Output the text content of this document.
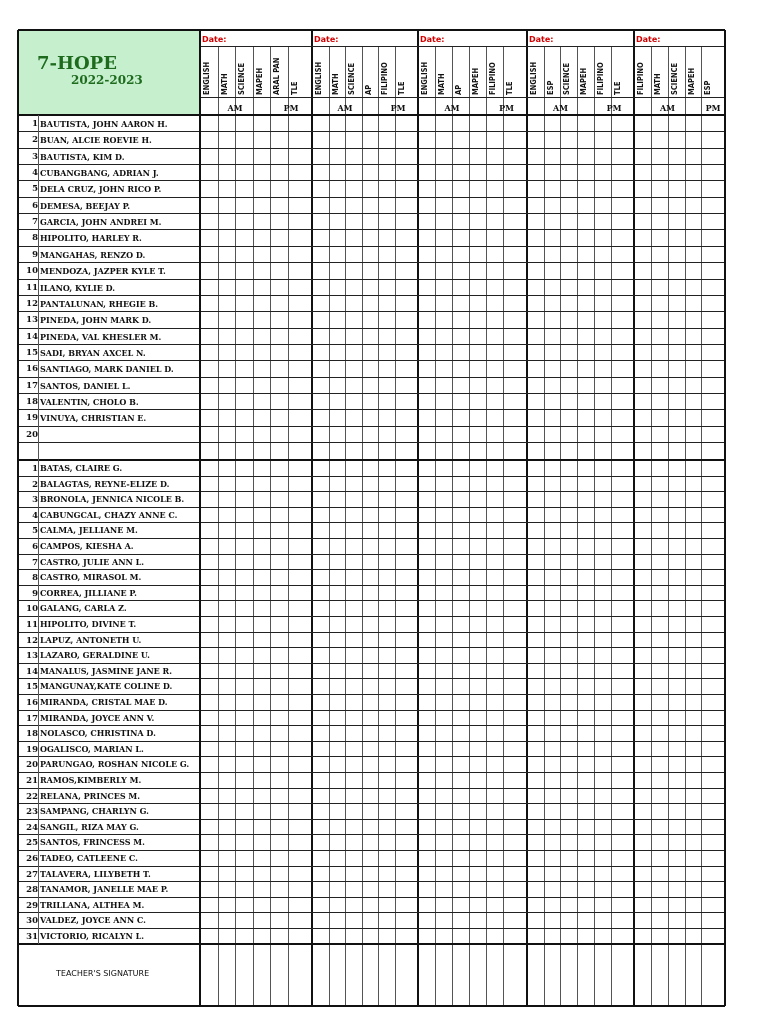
7-HOPE
2022-2023
Date:
ENGLISH MATH SCIENCE MAPEH ARAL PAN TLE
AM	PM
Date:
ENGLISH MATH SCIENCE AP FILIPINO TLE
AM	PM
Date:
ENGLISH MATH AP MAPEH FILIPINO TLE
AM	PM
Date:
ENGLISH ESP SCIENCE MAPEH FILIPINO TLE
AM	PM
Date:
FILIPINO MATH SCIENCE MAPEH ESP
AM	PM
1 BAUTISTA, JOHN AARON H.
2 BUAN, ALCIE ROEVIE H.
3 BAUTISTA, KIM D.
4 CUBANGBANG, ADRIAN J.
5 DELA CRUZ, JOHN RICO P.
6 DEMESA, BEEJAY P.
7 GARCIA, JOHN ANDREI M.
8 HIPOLITO, HARLEY R.
9 MANGAHAS, RENZO D.
10 MENDOZA, JAZPER KYLE T.
11 ILANO, KYLIE D.
12 PANTALUNAN, RHEGIE B.
13 PINEDA, JOHN MARK D.
14 PINEDA, VAL KHESLER M.
15 SADI, BRYAN AXCEL N.
16 SANTIAGO, MARK DANIEL D.
17 SANTOS, DANIEL L.
18 VALENTIN, CHOLO B.
19 VINUYA, CHRISTIAN E.
20
1 BATAS, CLAIRE G.
2 BALAGTAS, REYNE-ELIZE D.
3 BRONOLA, JENNICA NICOLE B.
4 CABUNGCAL, CHAZY ANNE C.
5 CALMA, JELLIANE M.
6 CAMPOS, KIESHA A.
7 CASTRO, JULIE ANN L.
8 CASTRO, MIRASOL M.
9 CORREA, JILLIANE P.
10 GALANG, CARLA Z.
11 HIPOLITO, DIVINE T.
12 LAPUZ, ANTONETH U.
13 LAZARO, GERALDINE U.
14 MANALUS, JASMINE JANE R.
15 MANGUNAY,KATE COLINE D.
16 MIRANDA, CRISTAL MAE D.
17 MIRANDA, JOYCE ANN V.
18 NOLASCO, CHRISTINA D.
19 OGALISCO, MARIAN L.
20 PARUNGAO, ROSHAN NICOLE G.
21 RAMOS,KIMBERLY M.
22 RELANA, PRINCES M.
23 SAMPANG, CHARLYN G.
24 SANGIL, RIZA MAY G.
25 SANTOS, FRINCESS M.
26 TADEO, CATLEENE C.
27 TALAVERA, LILYBETH T.
28 TANAMOR, JANELLE MAE P.
29 TRILLANA, ALTHEA M.
30 VALDEZ, JOYCE ANN C.
31 VICTORIO, RICALYN L.
TEACHER'S SIGNATURE
